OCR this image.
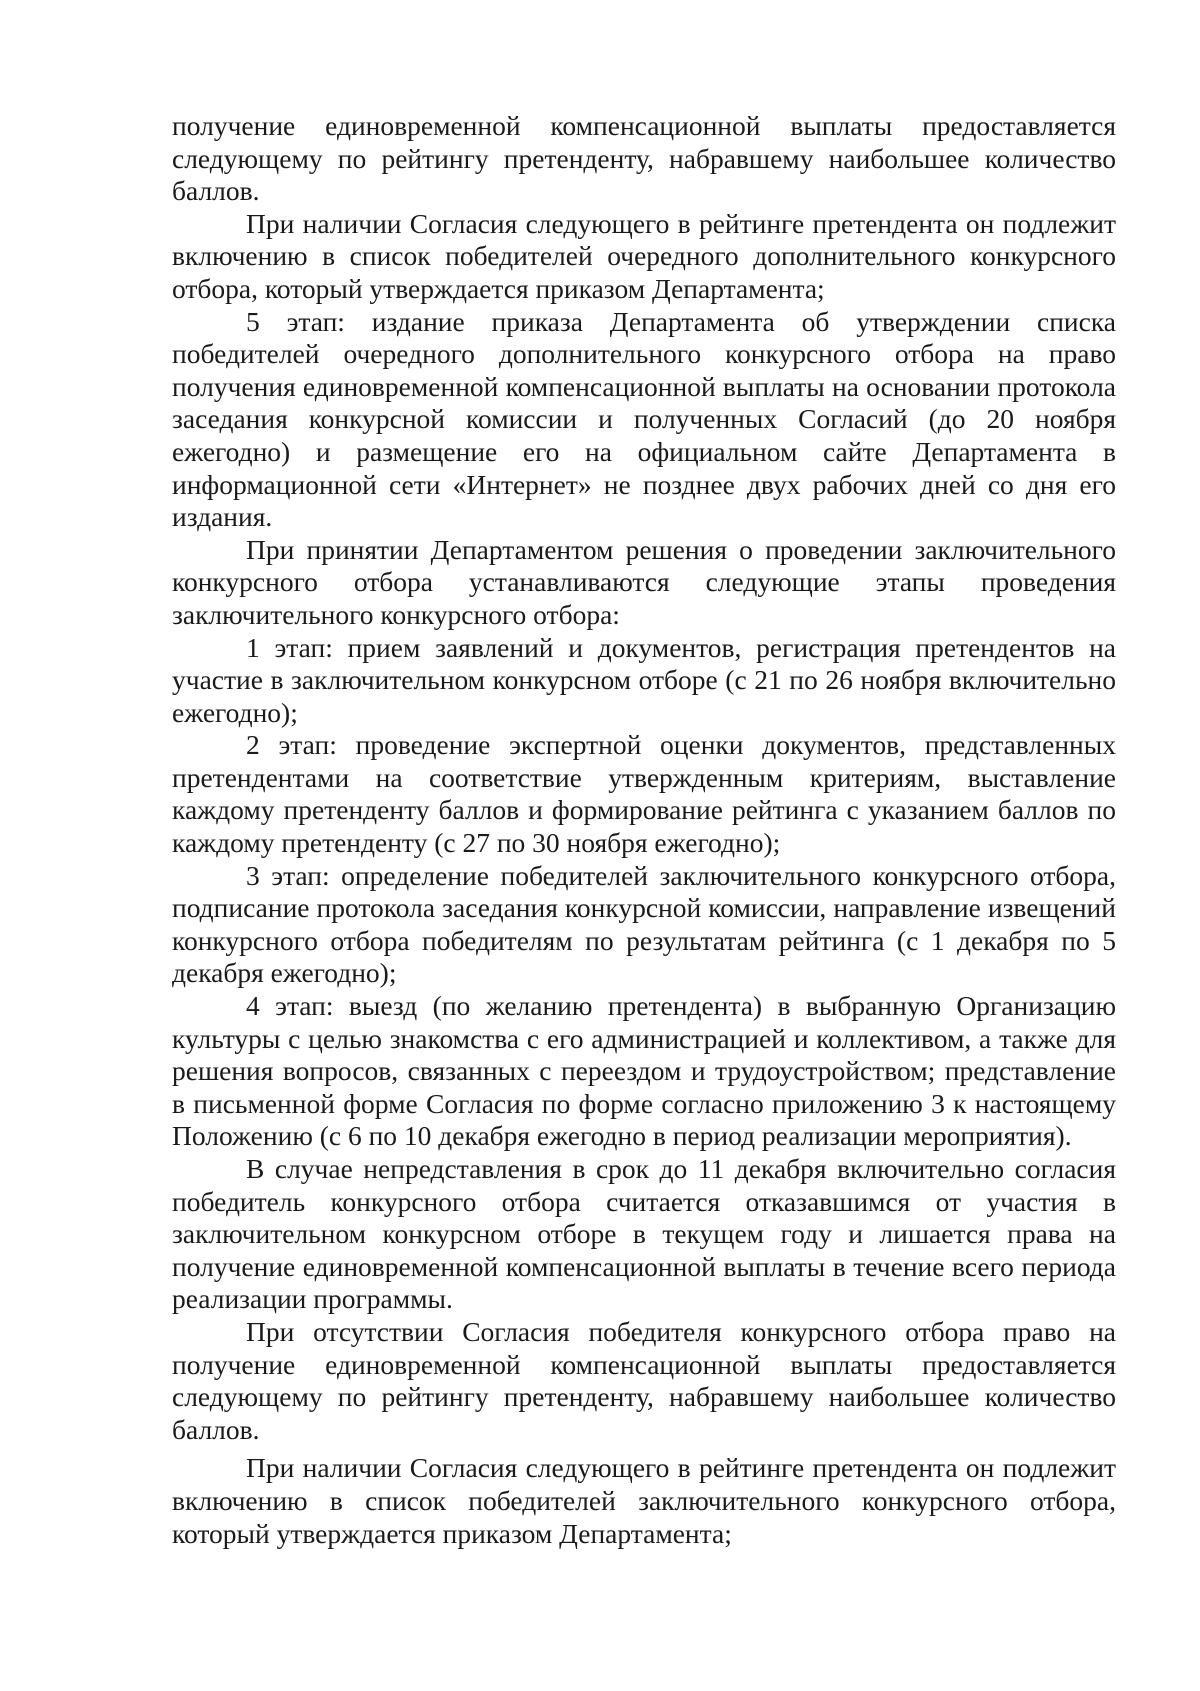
получение единовременной компенсационной выплаты предоставляется следующему по рейтингу претенденту, набравшему наибольшее количество баллов.

При наличии Согласия следующего в рейтинге претендента он подлежит включению в список победителей очередного дополнительного конкурсного отбора, который утверждается приказом Департамента;

5 этап: издание приказа Департамента об утверждении списка победителей очередного дополнительного конкурсного отбора на право получения единовременной компенсационной выплаты на основании протокола заседания конкурсной комиссии и полученных Согласий (до 20 ноября ежегодно) и размещение его на официальном сайте Департамента в информационной сети «Интернет» не позднее двух рабочих дней со дня его издания.

При принятии Департаментом решения о проведении заключительного конкурсного отбора устанавливаются следующие этапы проведения заключительного конкурсного отбора:

1 этап: прием заявлений и документов, регистрация претендентов на участие в заключительном конкурсном отборе (с 21 по 26 ноября включительно ежегодно);

2 этап: проведение экспертной оценки документов, представленных претендентами на соответствие утвержденным критериям, выставление каждому претенденту баллов и формирование рейтинга с указанием баллов по каждому претенденту (с 27 по 30 ноября ежегодно);

3 этап: определение победителей заключительного конкурсного отбора, подписание протокола заседания конкурсной комиссии, направление извещений конкурсного отбора победителям по результатам рейтинга (с 1 декабря по 5 декабря ежегодно);

4 этап: выезд (по желанию претендента) в выбранную Организацию культуры с целью знакомства с его администрацией и коллективом, а также для решения вопросов, связанных с переездом и трудоустройством; представление в письменной форме Согласия по форме согласно приложению 3 к настоящему Положению (с 6 по 10 декабря ежегодно в период реализации мероприятия).

В случае непредставления в срок до 11 декабря включительно согласия победитель конкурсного отбора считается отказавшимся от участия в заключительном конкурсном отборе в текущем году и лишается права на получение единовременной компенсационной выплаты в течение всего периода реализации программы.

При отсутствии Согласия победителя конкурсного отбора право на получение единовременной компенсационной выплаты предоставляется следующему по рейтингу претенденту, набравшему наибольшее количество баллов.

При наличии Согласия следующего в рейтинге претендента он подлежит включению в список победителей заключительного конкурсного отбора, который утверждается приказом Департамента;
